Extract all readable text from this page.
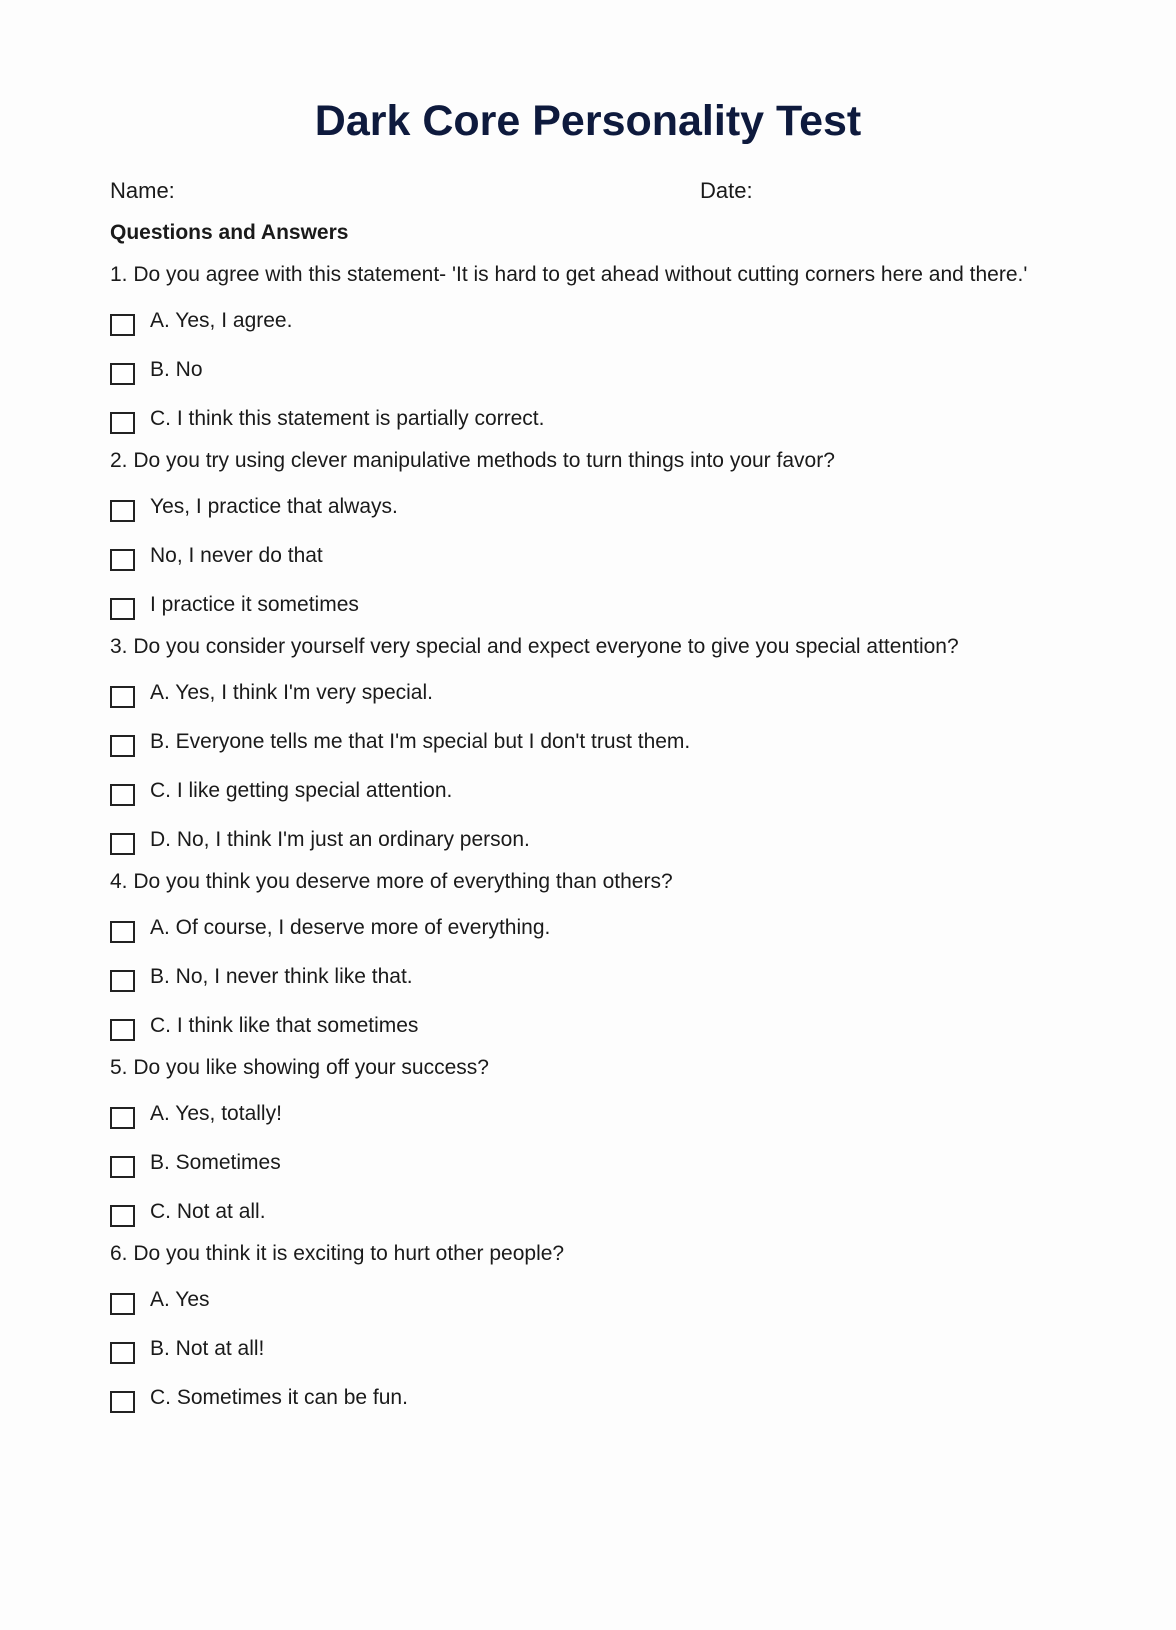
Dark Core Personality Test
Name:	Date:
Questions and Answers

1. Do you agree with this statement- 'It is hard to get ahead without cutting corners here and there.'

A. Yes, I agree.
B. No
C. I think this statement is partially correct.

2. Do you try using clever manipulative methods to turn things into your favor?

Yes, I practice that always.
No, I never do that
I practice it sometimes

3. Do you consider yourself very special and expect everyone to give you special attention?

A. Yes, I think I'm very special.
B. Everyone tells me that I'm special but I don't trust them.
C. I like getting special attention.
D. No, I think I'm just an ordinary person.

4. Do you think you deserve more of everything than others?

A. Of course, I deserve more of everything.
B. No, I never think like that.
C. I think like that sometimes

5. Do you like showing off your success?

A. Yes, totally!
B. Sometimes
C. Not at all.

6. Do you think it is exciting to hurt other people?

A. Yes
B. Not at all!
C. Sometimes it can be fun.
